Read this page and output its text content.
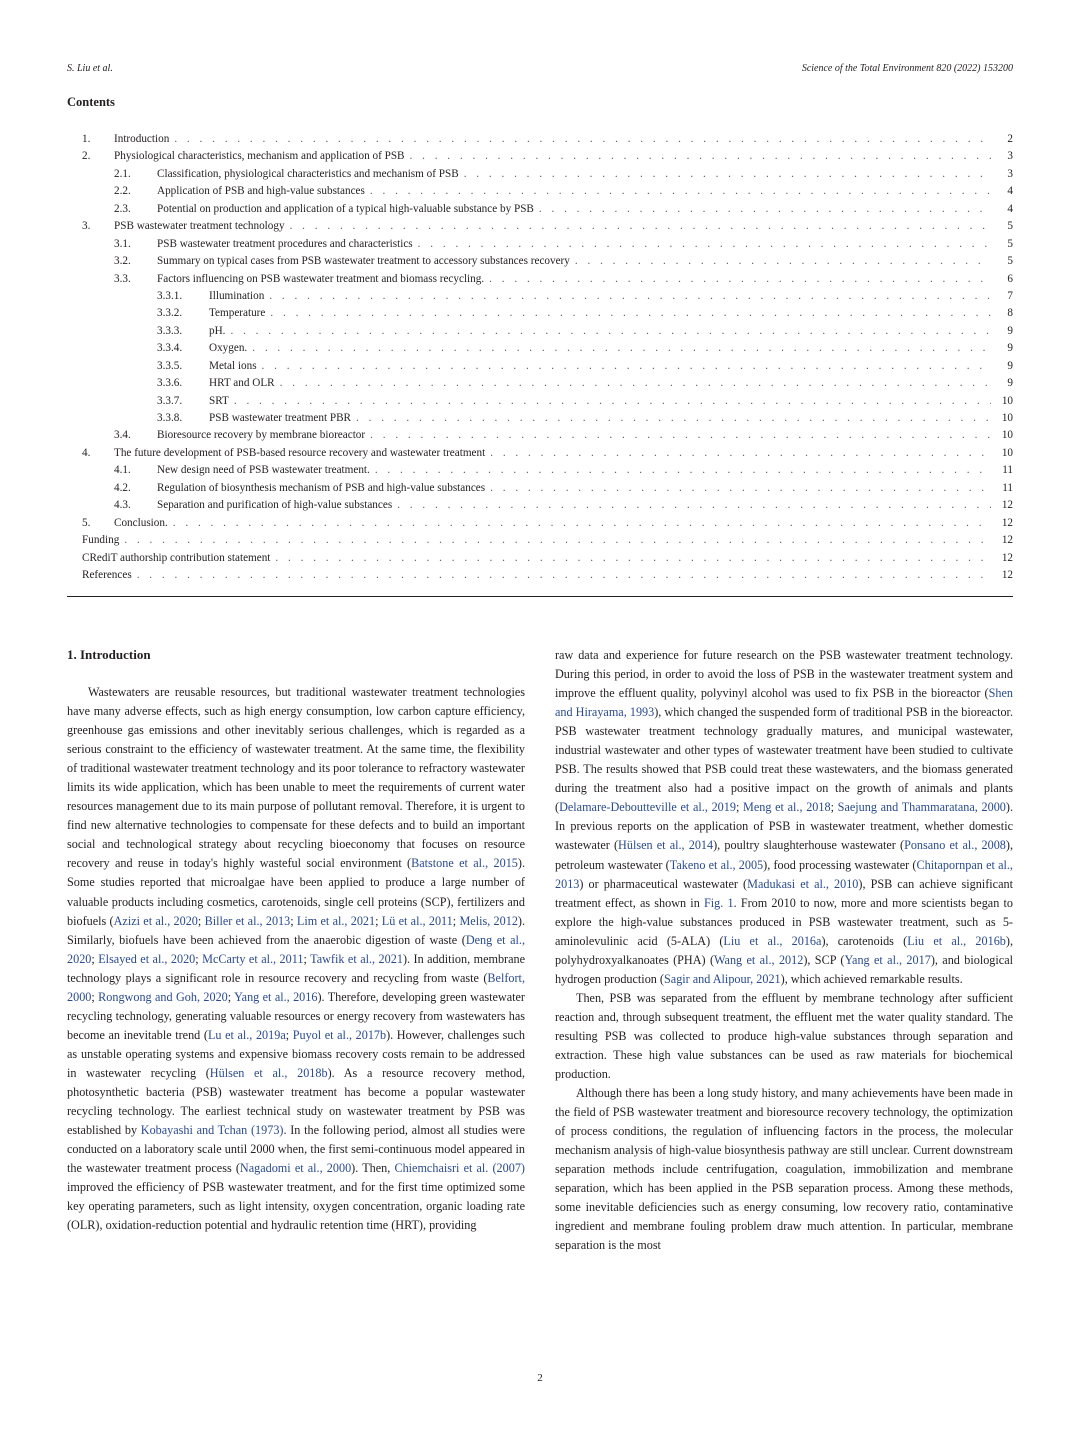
S. Liu et al.	Science of the Total Environment 820 (2022) 153200
Contents
1.	Introduction . . .	2
2.	Physiological characteristics, mechanism and application of PSB . . .	3
2.1.	Classification, physiological characteristics and mechanism of PSB . . .	3
2.2.	Application of PSB and high-value substances . . .	4
2.3.	Potential on production and application of a typical high-valuable substance by PSB . . .	4
3.	PSB wastewater treatment technology . . .	5
3.1.	PSB wastewater treatment procedures and characteristics . . .	5
3.2.	Summary on typical cases from PSB wastewater treatment to accessory substances recovery . . .	5
3.3.	Factors influencing on PSB wastewater treatment and biomass recycling. . . .	6
3.3.1.	Illumination . . .	7
3.3.2.	Temperature . . .	8
3.3.3.	pH. . . .	9
3.3.4.	Oxygen. . . .	9
3.3.5.	Metal ions . . .	9
3.3.6.	HRT and OLR . . .	9
3.3.7.	SRT . . .	10
3.3.8.	PSB wastewater treatment PBR . . .	10
3.4.	Bioresource recovery by membrane bioreactor . . .	10
4.	The future development of PSB-based resource recovery and wastewater treatment . . .	10
4.1.	New design need of PSB wastewater treatment. . . .	11
4.2.	Regulation of biosynthesis mechanism of PSB and high-value substances . . .	11
4.3.	Separation and purification of high-value substances . . .	12
5.	Conclusion. . . .	12
Funding . . .	12
CRediT authorship contribution statement . . .	12
References . . .	12
1. Introduction

Wastewaters are reusable resources, but traditional wastewater treatment technologies have many adverse effects, such as high energy consumption, low carbon capture efficiency, greenhouse gas emissions and other inevitably serious challenges, which is regarded as a serious constraint to the efficiency of wastewater treatment. At the same time, the flexibility of traditional wastewater treatment technology and its poor tolerance to refractory wastewater limits its wide application, which has been unable to meet the requirements of current water resources management due to its main purpose of pollutant removal. Therefore, it is urgent to find new alternative technologies to compensate for these defects and to build an important social and technological strategy about recycling bioeconomy that focuses on resource recovery and reuse in today's highly wasteful social environment (Batstone et al., 2015). Some studies reported that microalgae have been applied to produce a large number of valuable products including cosmetics, carotenoids, single cell proteins (SCP), fertilizers and biofuels (Azizi et al., 2020; Biller et al., 2013; Lim et al., 2021; Lü et al., 2011; Melis, 2012). Similarly, biofuels have been achieved from the anaerobic digestion of waste (Deng et al., 2020; Elsayed et al., 2020; McCarty et al., 2011; Tawfik et al., 2021). In addition, membrane technology plays a significant role in resource recovery and recycling from waste (Belfort, 2000; Rongwong and Goh, 2020; Yang et al., 2016). Therefore, developing green wastewater recycling technology, generating valuable resources or energy recovery from wastewaters has become an inevitable trend (Lu et al., 2019a; Puyol et al., 2017b). However, challenges such as unstable operating systems and expensive biomass recovery costs remain to be addressed in wastewater recycling (Hülsen et al., 2018b). As a resource recovery method, photosynthetic bacteria (PSB) wastewater treatment has become a popular wastewater recycling technology. The earliest technical study on wastewater treatment by PSB was established by Kobayashi and Tchan (1973). In the following period, almost all studies were conducted on a laboratory scale until 2000 when, the first semi-continuous model appeared in the wastewater treatment process (Nagadomi et al., 2000). Then, Chiemchaisri et al. (2007) improved the efficiency of PSB wastewater treatment, and for the first time optimized some key operating parameters, such as light intensity, oxygen concentration, organic loading rate (OLR), oxidation-reduction potential and hydraulic retention time (HRT), providing

raw data and experience for future research on the PSB wastewater treatment technology. During this period, in order to avoid the loss of PSB in the wastewater treatment system and improve the effluent quality, polyvinyl alcohol was used to fix PSB in the bioreactor (Shen and Hirayama, 1993), which changed the suspended form of traditional PSB in the bioreactor. PSB wastewater treatment technology gradually matures, and municipal wastewater, industrial wastewater and other types of wastewater treatment have been studied to cultivate PSB. The results showed that PSB could treat these wastewaters, and the biomass generated during the treatment also had a positive impact on the growth of animals and plants (Delamare-Deboutteville et al., 2019; Meng et al., 2018; Saejung and Thammaratana, 2000). In previous reports on the application of PSB in wastewater treatment, whether domestic wastewater (Hülsen et al., 2014), poultry slaughterhouse wastewater (Ponsano et al., 2008), petroleum wastewater (Takeno et al., 2005), food processing wastewater (Chitapornpan et al., 2013) or pharmaceutical wastewater (Madukasi et al., 2010), PSB can achieve significant treatment effect, as shown in Fig. 1. From 2010 to now, more and more scientists began to explore the high-value substances produced in PSB wastewater treatment, such as 5-aminolevulinic acid (5-ALA) (Liu et al., 2016a), carotenoids (Liu et al., 2016b), polyhydroxyalkanoates (PHA) (Wang et al., 2012), SCP (Yang et al., 2017), and biological hydrogen production (Sagir and Alipour, 2021), which achieved remarkable results.

Then, PSB was separated from the effluent by membrane technology after sufficient reaction and, through subsequent treatment, the effluent met the water quality standard. The resulting PSB was collected to produce high-value substances through separation and extraction. These high value substances can be used as raw materials for biochemical production.

Although there has been a long study history, and many achievements have been made in the field of PSB wastewater treatment and bioresource recovery technology, the optimization of process conditions, the regulation of influencing factors in the process, the molecular mechanism analysis of high-value biosynthesis pathway are still unclear. Current downstream separation methods include centrifugation, coagulation, immobilization and membrane separation, which has been applied in the PSB separation process. Among these methods, some inevitable deficiencies such as energy consuming, low recovery ratio, contaminative ingredient and membrane fouling problem draw much attention. In particular, membrane separation is the most

2
